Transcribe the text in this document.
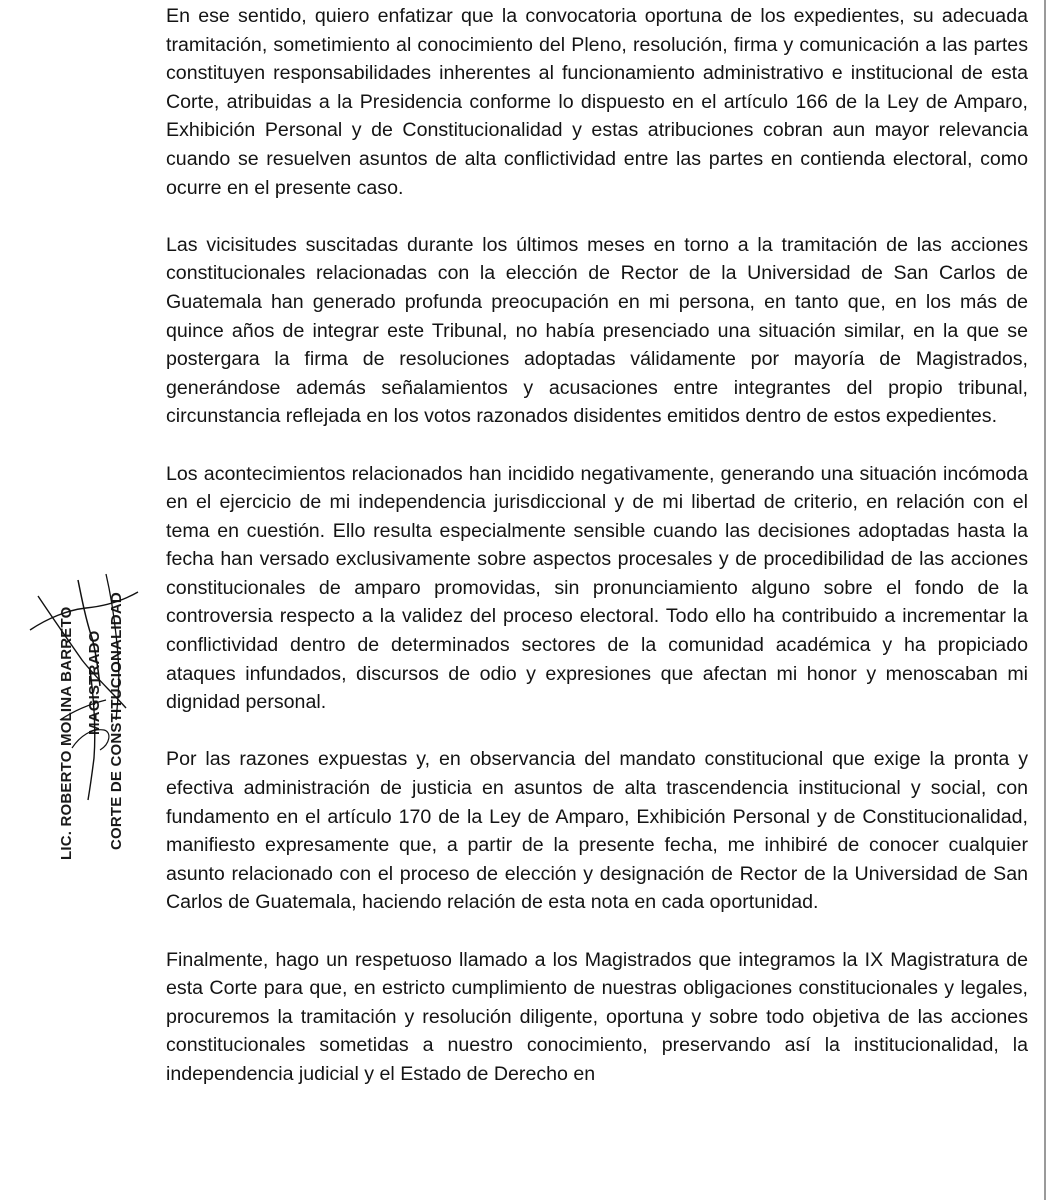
En ese sentido, quiero enfatizar que la convocatoria oportuna de los expedientes, su adecuada tramitación, sometimiento al conocimiento del Pleno, resolución, firma y comunicación a las partes constituyen responsabilidades inherentes al funcionamiento administrativo e institucional de esta Corte, atribuidas a la Presidencia conforme lo dispuesto en el artículo 166 de la Ley de Amparo, Exhibición Personal y de Constitucionalidad y estas atribuciones cobran aun mayor relevancia cuando se resuelven asuntos de alta conflictividad entre las partes en contienda electoral, como ocurre en el presente caso.

Las vicisitudes suscitadas durante los últimos meses en torno a la tramitación de las acciones constitucionales relacionadas con la elección de Rector de la Universidad de San Carlos de Guatemala han generado profunda preocupación en mi persona, en tanto que, en los más de quince años de integrar este Tribunal, no había presenciado una situación similar, en la que se postergara la firma de resoluciones adoptadas válidamente por mayoría de Magistrados, generándose además señalamientos y acusaciones entre integrantes del propio tribunal, circunstancia reflejada en los votos razonados disidentes emitidos dentro de estos expedientes.

Los acontecimientos relacionados han incidido negativamente, generando una situación incómoda en el ejercicio de mi independencia jurisdiccional y de mi libertad de criterio, en relación con el tema en cuestión. Ello resulta especialmente sensible cuando las decisiones adoptadas hasta la fecha han versado exclusivamente sobre aspectos procesales y de procedibilidad de las acciones constitucionales de amparo promovidas, sin pronunciamiento alguno sobre el fondo de la controversia respecto a la validez del proceso electoral. Todo ello ha contribuido a incrementar la conflictividad dentro de determinados sectores de la comunidad académica y ha propiciado ataques infundados, discursos de odio y expresiones que afectan mi honor y menoscaban mi dignidad personal.

Por las razones expuestas y, en observancia del mandato constitucional que exige la pronta y efectiva administración de justicia en asuntos de alta trascendencia institucional y social, con fundamento en el artículo 170 de la Ley de Amparo, Exhibición Personal y de Constitucionalidad, manifiesto expresamente que, a partir de la presente fecha, me inhibiré de conocer cualquier asunto relacionado con el proceso de elección y designación de Rector de la Universidad de San Carlos de Guatemala, haciendo relación de esta nota en cada oportunidad.

Finalmente, hago un respetuoso llamado a los Magistrados que integramos la IX Magistratura de esta Corte para que, en estricto cumplimiento de nuestras obligaciones constitucionales y legales, procuremos la tramitación y resolución diligente, oportuna y sobre todo objetiva de las acciones constitucionales sometidas a nuestro conocimiento, preservando así la institucionalidad, la independencia judicial y el Estado de Derecho en

LIC. ROBERTO MOLINA BARRETO MAGISTRADO CORTE DE CONSTITUCIONALIDAD
